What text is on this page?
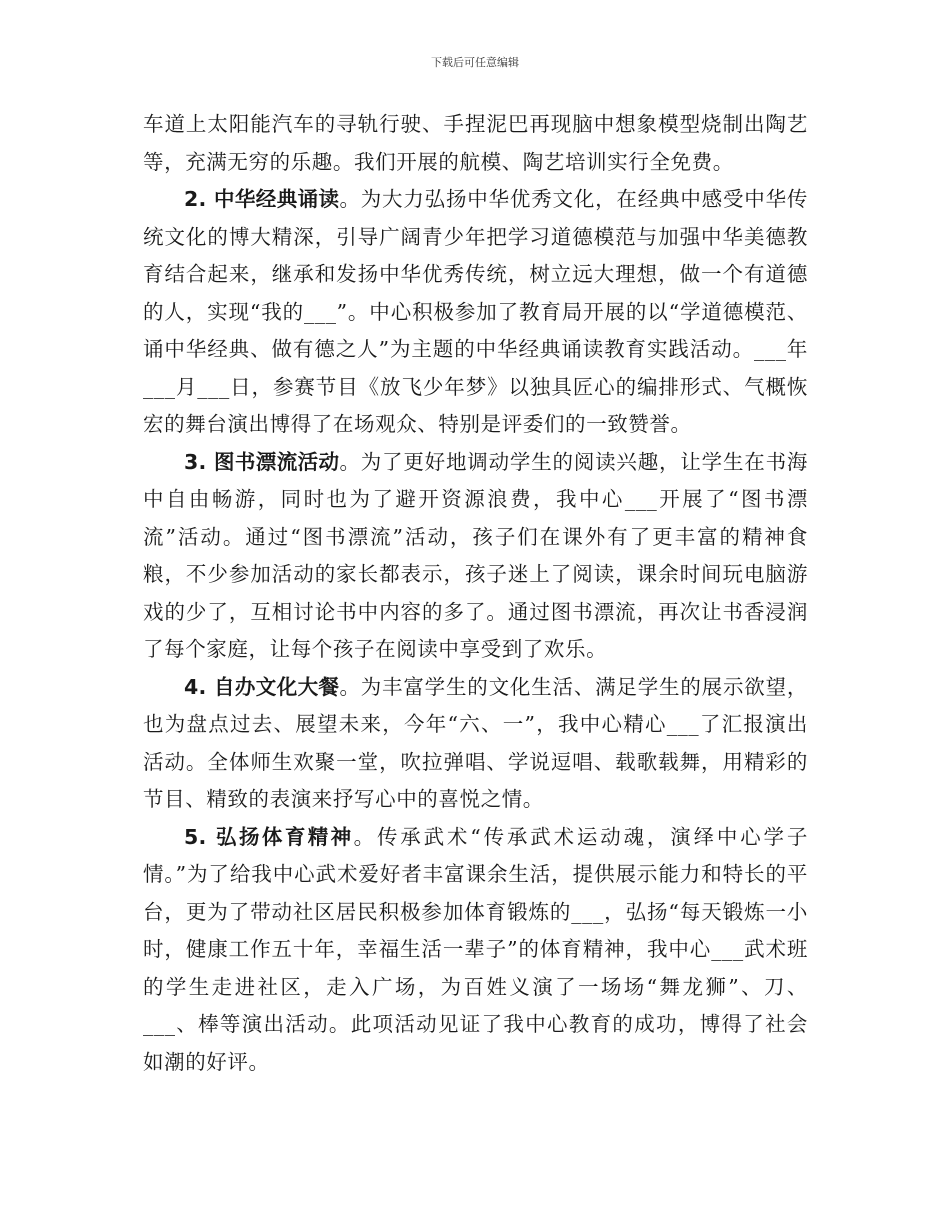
下载后可任意编辑

车道上太阳能汽车的寻轨行驶、手捏泥巴再现脑中想象模型烧制出陶艺等，充满无穷的乐趣。我们开展的航模、陶艺培训实行全免费。

2. 中华经典诵读。为大力弘扬中华优秀文化，在经典中感受中华传统文化的博大精深，引导广阔青少年把学习道德模范与加强中华美德教育结合起来，继承和发扬中华优秀传统，树立远大理想，做一个有道德的人，实现“我的___”。中心积极参加了教育局开展的以“学道德模范、诵中华经典、做有德之人”为主题的中华经典诵读教育实践活动。___年___月___日，参赛节目《放飞少年梦》以独具匠心的编排形式、气概恢宏的舞台演出博得了在场观众、特别是评委们的一致赞誉。

3. 图书漂流活动。为了更好地调动学生的阅读兴趣，让学生在书海中自由畅游，同时也为了避开资源浪费，我中心___开展了“图书漂流”活动。通过“图书漂流”活动，孩子们在课外有了更丰富的精神食粮，不少参加活动的家长都表示，孩子迷上了阅读，课余时间玩电脑游戏的少了，互相讨论书中内容的多了。通过图书漂流，再次让书香浸润了每个家庭，让每个孩子在阅读中享受到了欢乐。

4. 自办文化大餐。为丰富学生的文化生活、满足学生的展示欲望，也为盘点过去、展望未来，今年“六、一”，我中心精心___了汇报演出活动。全体师生欢聚一堂，吹拉弹唱、学说逗唱、载歌载舞，用精彩的节目、精致的表演来抒写心中的喜悦之情。

5. 弘扬体育精神。传承武术“传承武术运动魂，演绎中心学子情。”为了给我中心武术爱好者丰富课余生活，提供展示能力和特长的平台，更为了带动社区居民积极参加体育锻炼的___，弘扬“每天锻炼一小时，健康工作五十年，幸福生活一辈子”的体育精神，我中心___武术班的学生走进社区，走入广场，为百姓义演了一场场“舞龙狮”、刀、___、棒等演出活动。此项活动见证了我中心教育的成功，博得了社会如潮的好评。
